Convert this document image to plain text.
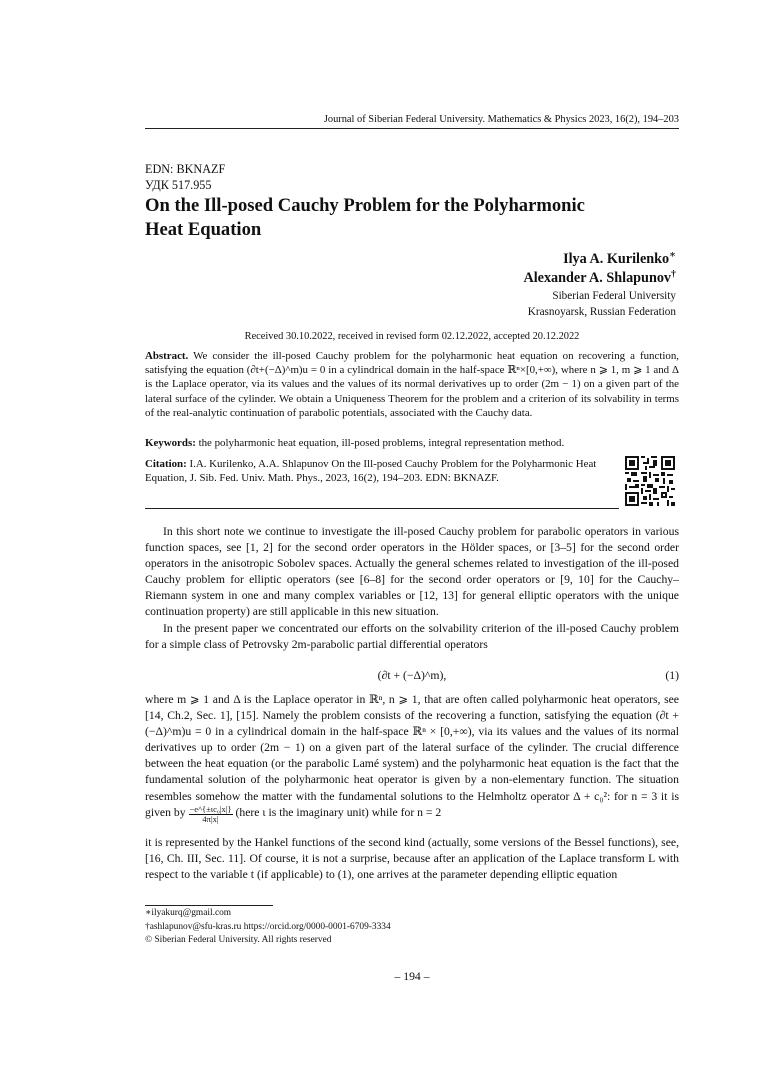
Journal of Siberian Federal University. Mathematics & Physics 2023, 16(2), 194–203
EDN: BKNAZF
УДК 517.955
On the Ill-posed Cauchy Problem for the Polyharmonic
Heat Equation
Ilya A. Kurilenko∗
Alexander A. Shlapunov†
Siberian Federal University
Krasnoyarsk, Russian Federation
Received 30.10.2022, received in revised form 02.12.2022, accepted 20.12.2022
Abstract. We consider the ill-posed Cauchy problem for the polyharmonic heat equation on recovering a function, satisfying the equation (∂t+(−Δ)^m)u = 0 in a cylindrical domain in the half-space ℝⁿ×[0,+∞), where n ⩾ 1, m ⩾ 1 and Δ is the Laplace operator, via its values and the values of its normal derivatives up to order (2m − 1) on a given part of the lateral surface of the cylinder. We obtain a Uniqueness Theorem for the problem and a criterion of its solvability in terms of the real-analytic continuation of parabolic potentials, associated with the Cauchy data.
Keywords: the polyharmonic heat equation, ill-posed problems, integral representation method.
Citation: I.A. Kurilenko, A.A. Shlapunov On the Ill-posed Cauchy Problem for the Polyharmonic Heat Equation, J. Sib. Fed. Univ. Math. Phys., 2023, 16(2), 194–203. EDN: BKNAZF.

In this short note we continue to investigate the ill-posed Cauchy problem for parabolic operators in various function spaces, see [1, 2] for the second order operators in the Hölder spaces, or [3–5] for the second order operators in the anisotropic Sobolev spaces. Actually the general schemes related to investigation of the ill-posed Cauchy problem for elliptic operators (see [6–8] for the second order operators or [9, 10] for the Cauchy–Riemann system in one and many complex variables or [12, 13] for general elliptic operators with the unique continuation property) are still applicable in this new situation.

In the present paper we concentrated our efforts on the solvability criterion of the ill-posed Cauchy problem for a simple class of Petrovsky 2m-parabolic partial differential operators

(∂t + (−Δ)^m),	(1)
where m ⩾ 1 and Δ is the Laplace operator in ℝⁿ, n ⩾ 1, that are often called polyharmonic heat operators, see [14, Ch.2, Sec. 1], [15]. Namely the problem consists of the recovering a function, satisfying the equation (∂t + (−Δ)^m)u = 0 in a cylindrical domain in the half-space ℝⁿ × [0,+∞), via its values and the values of its normal derivatives up to order (2m − 1) on a given part of the lateral surface of the cylinder. The crucial difference between the heat equation (or the parabolic Lamé system) and the polyharmonic heat equation is the fact that the fundamental solution of the polyharmonic heat operator is given by a non-elementary function. The situation resembles somehow the matter with the fundamental solutions to the Helmholtz operator Δ + c₀²: for n = 3 it is given by $\frac{\text{−e\textasciicircum{}\{±ιc₀|x|\}}}{4\pi|x|}$ (here ι is the imaginary unit) while for n = 2
it is represented by the Hankel functions of the second kind (actually, some versions of the Bessel functions), see, [16, Ch. III, Sec. 11]. Of course, it is not a surprise, because after an application of the Laplace transform L with respect to the variable t (if applicable) to (1), one arrives at the parameter depending elliptic equation
∗ilyakurq@gmail.com
†ashlapunov@sfu-kras.ru https://orcid.org/0000-0001-6709-3334
© Siberian Federal University. All rights reserved
– 194 –
